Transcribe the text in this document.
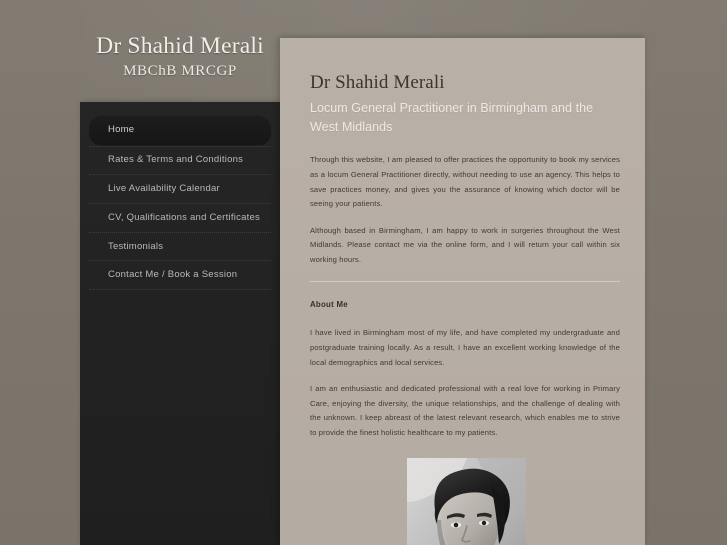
Dr Shahid Merali
MBChB MRCGP
Home
Rates & Terms and Conditions
Live Availability Calendar
CV, Qualifications and Certificates
Testimonials
Contact Me / Book a Session
Dr Shahid Merali
Locum General Practitioner in Birmingham and the West Midlands

Through this website, I am pleased to offer practices the opportunity to book my services as a locum General Practitioner directly, without needing to use an agency. This helps to save practices money, and gives you the assurance of knowing which doctor will be seeing your patients.

Although based in Birmingham, I am happy to work in surgeries throughout the West Midlands. Please contact me via the online form, and I will return your call within six working hours.

About Me

I have lived in Birmingham most of my life, and have completed my undergraduate and postgraduate training locally. As a result, I have an excellent working knowledge of the local demographics and local services.

I am an enthusiastic and dedicated professional with a real love for working in Primary Care, enjoying the diversity, the unique relationships, and the challenge of dealing with the unknown. I keep abreast of the latest relevant research, which enables me to strive to provide the finest holistic healthcare to my patients.
